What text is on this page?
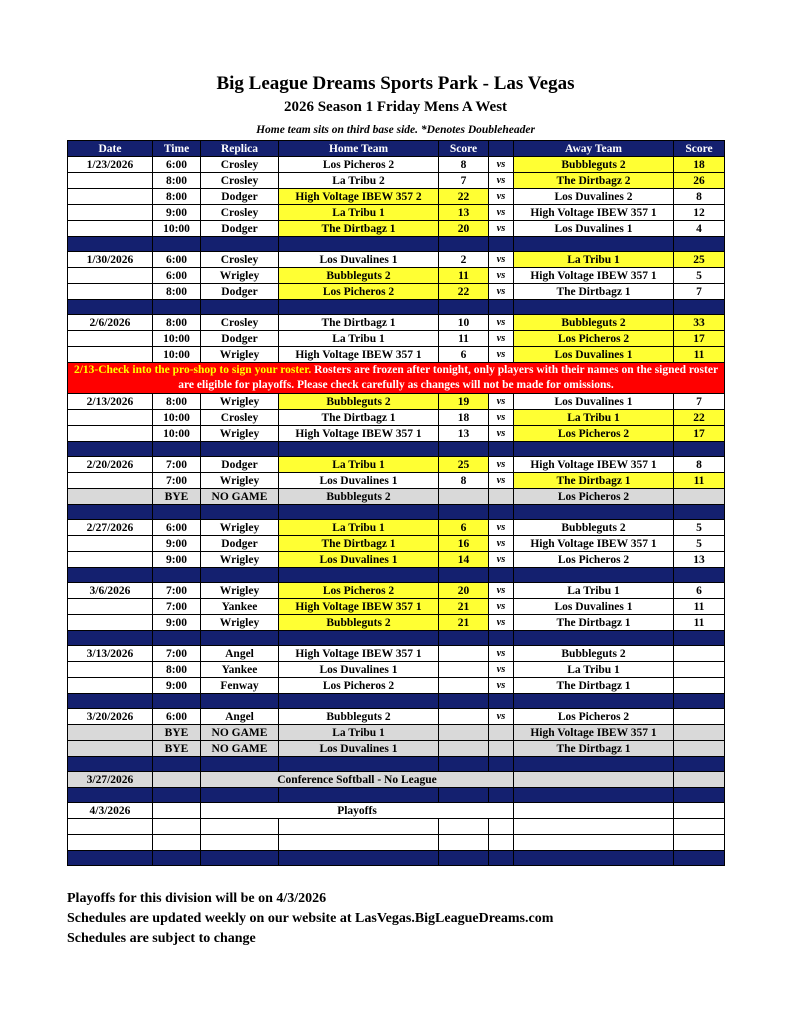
Big League Dreams Sports Park - Las Vegas
2026 Season 1 Friday Mens A West
Home team sits on third base side. *Denotes Doubleheader
Date	Time	Replica	Home Team	Score		Away Team	Score
1/23/2026	6:00	Crosley	Los Picheros 2	8	vs	Bubbleguts 2	18
	8:00	Crosley	La Tribu 2	7	vs	The Dirtbagz 2	26
	8:00	Dodger	High Voltage IBEW 357 2	22	vs	Los Duvalines 2	8
	9:00	Crosley	La Tribu 1	13	vs	High Voltage IBEW 357 1	12
	10:00	Dodger	The Dirtbagz 1	20	vs	Los Duvalines 1	4

1/30/2026	6:00	Crosley	Los Duvalines 1	2	vs	La Tribu 1	25
	6:00	Wrigley	Bubbleguts 2	11	vs	High Voltage IBEW 357 1	5
	8:00	Dodger	Los Picheros 2	22	vs	The Dirtbagz 1	7

2/6/2026	8:00	Crosley	The Dirtbagz 1	10	vs	Bubbleguts 2	33
	10:00	Dodger	La Tribu 1	11	vs	Los Picheros 2	17
	10:00	Wrigley	High Voltage IBEW 357 1	6	vs	Los Duvalines 1	11
2/13-Check into the pro-shop to sign your roster. Rosters are frozen after tonight, only players with their names on the signed roster are eligible for playoffs. Please check carefully as changes will not be made for omissions.							
2/13/2026	8:00	Wrigley	Bubbleguts 2	19	vs	Los Duvalines 1	7
	10:00	Crosley	The Dirtbagz 1	18	vs	La Tribu 1	22
	10:00	Wrigley	High Voltage IBEW 357 1	13	vs	Los Picheros 2	17

2/20/2026	7:00	Dodger	La Tribu 1	25	vs	High Voltage IBEW 357 1	8
	7:00	Wrigley	Los Duvalines 1	8	vs	The Dirtbagz 1	11
	BYE	NO GAME	Bubbleguts 2			Los Picheros 2	

2/27/2026	6:00	Wrigley	La Tribu 1	6	vs	Bubbleguts 2	5
	9:00	Dodger	The Dirtbagz 1	16	vs	High Voltage IBEW 357 1	5
	9:00	Wrigley	Los Duvalines 1	14	vs	Los Picheros 2	13

3/6/2026	7:00	Wrigley	Los Picheros 2	20	vs	La Tribu 1	6
	7:00	Yankee	High Voltage IBEW 357 1	21	vs	Los Duvalines 1	11
	9:00	Wrigley	Bubbleguts 2	21	vs	The Dirtbagz 1	11

3/13/2026	7:00	Angel	High Voltage IBEW 357 1		vs	Bubbleguts 2	
	8:00	Yankee	Los Duvalines 1		vs	La Tribu 1	
	9:00	Fenway	Los Picheros 2		vs	The Dirtbagz 1	

3/20/2026	6:00	Angel	Bubbleguts 2		vs	Los Picheros 2	
	BYE	NO GAME	La Tribu 1			High Voltage IBEW 357 1	
	BYE	NO GAME	Los Duvalines 1			The Dirtbagz 1	

3/27/2026		Conference Softball - No League					

4/3/2026		Playoffs					

Playoffs for this division will be on 4/3/2026
Schedules are updated weekly on our website at LasVegas.BigLeagueDreams.com
Schedules are subject to change
